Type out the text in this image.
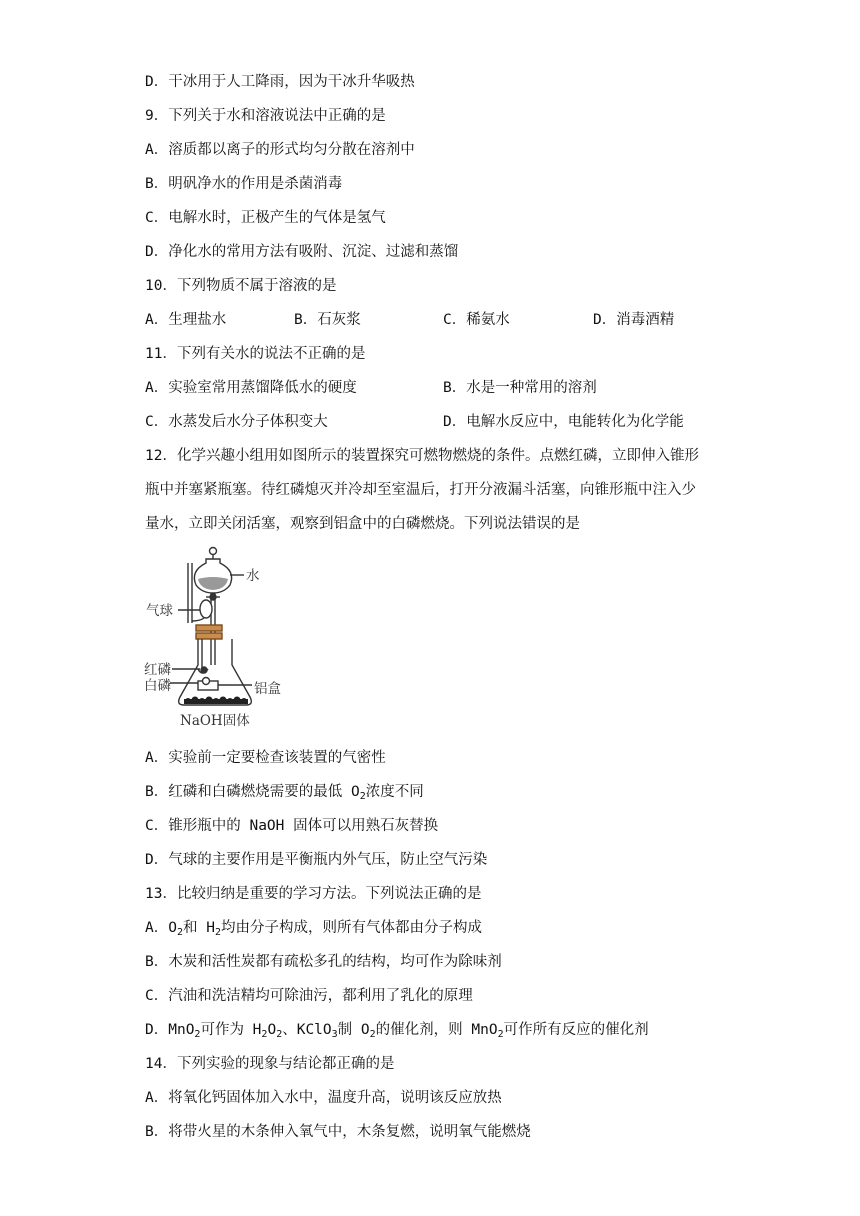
D．干冰用于人工降雨，因为干冰升华吸热
9．下列关于水和溶液说法中正确的是
A．溶质都以离子的形式均匀分散在溶剂中
B．明矾净水的作用是杀菌消毒
C．电解水时，正极产生的气体是氢气
D．净化水的常用方法有吸附、沉淀、过滤和蒸馏
10．下列物质不属于溶液的是
A．生理盐水	B．石灰浆	C．稀氨水	D．消毒酒精
11．下列有关水的说法不正确的是
A．实验室常用蒸馏降低水的硬度	B．水是一种常用的溶剂
C．水蒸发后水分子体积变大	D．电解水反应中，电能转化为化学能
12．化学兴趣小组用如图所示的装置探究可燃物燃烧的条件。点燃红磷，立即伸入锥形
瓶中并塞紧瓶塞。待红磷熄灭并冷却至室温后，打开分液漏斗活塞，向锥形瓶中注入少
量水，立即关闭活塞，观察到铝盒中的白磷燃烧。下列说法错误的是
水
气球
红磷
白磷	铝盒
NaOH固体
A．实验前一定要检查该装置的气密性
B．红磷和白磷燃烧需要的最低 $O_2$浓度不同
C．锥形瓶中的 NaOH 固体可以用熟石灰替换
D．气球的主要作用是平衡瓶内外气压，防止空气污染
13．比较归纳是重要的学习方法。下列说法正确的是
A．$O_2$和 $H_2$均由分子构成，则所有气体都由分子构成
B．木炭和活性炭都有疏松多孔的结构，均可作为除味剂
C．汽油和洗洁精均可除油污，都利用了乳化的原理
D．MnO$_2$可作为 $H_2O_2$、KClO$_3$制 $O_2$的催化剂，则 MnO$_2$可作所有反应的催化剂
14．下列实验的现象与结论都正确的是
A．将氧化钙固体加入水中，温度升高，说明该反应放热
B．将带火星的木条伸入氧气中，木条复燃，说明氧气能燃烧
